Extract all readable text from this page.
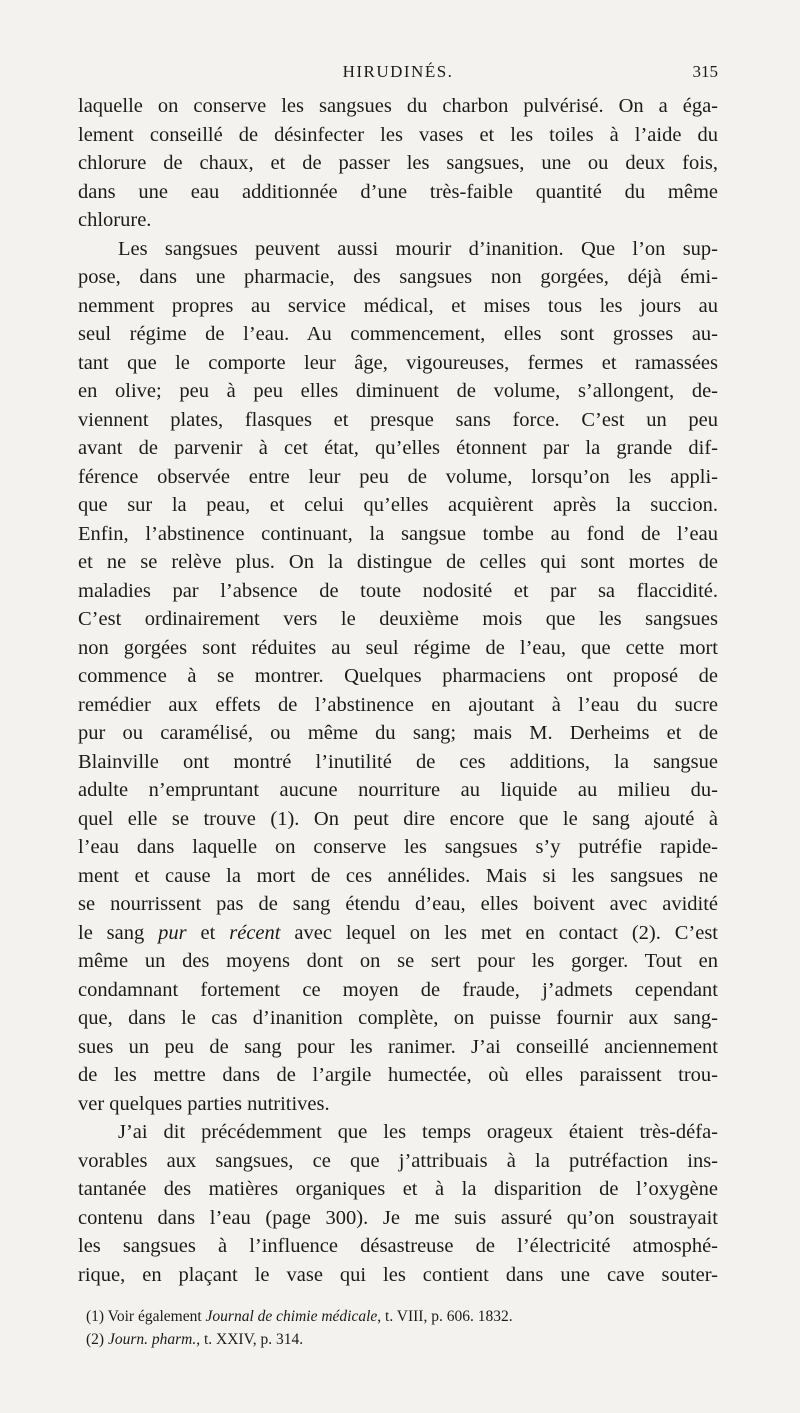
HIRUDINÉS.	315
laquelle on conserve les sangsues du charbon pulvérisé. On a éga-
lement conseillé de désinfecter les vases et les toiles à l’aide du
chlorure de chaux, et de passer les sangsues, une ou deux fois,
dans une eau additionnée d’une très-faible quantité du même
chlorure.
Les sangsues peuvent aussi mourir d’inanition. Que l’on sup-
pose, dans une pharmacie, des sangsues non gorgées, déjà émi-
nemment propres au service médical, et mises tous les jours au
seul régime de l’eau. Au commencement, elles sont grosses au-
tant que le comporte leur âge, vigoureuses, fermes et ramassées
en olive; peu à peu elles diminuent de volume, s’allongent, de-
viennent plates, flasques et presque sans force. C’est un peu
avant de parvenir à cet état, qu’elles étonnent par la grande dif-
férence observée entre leur peu de volume, lorsqu’on les appli-
que sur la peau, et celui qu’elles acquièrent après la succion.
Enfin, l’abstinence continuant, la sangsue tombe au fond de l’eau
et ne se relève plus. On la distingue de celles qui sont mortes de
maladies par l’absence de toute nodosité et par sa flaccidité.
C’est ordinairement vers le deuxième mois que les sangsues
non gorgées sont réduites au seul régime de l’eau, que cette mort
commence à se montrer. Quelques pharmaciens ont proposé de
remédier aux effets de l’abstinence en ajoutant à l’eau du sucre
pur ou caramélisé, ou même du sang; mais M. Derheims et de
Blainville ont montré l’inutilité de ces additions, la sangsue
adulte n’empruntant aucune nourriture au liquide au milieu du-
quel elle se trouve (1). On peut dire encore que le sang ajouté à
l’eau dans laquelle on conserve les sangsues s’y putréfie rapide-
ment et cause la mort de ces annélides. Mais si les sangsues ne
se nourrissent pas de sang étendu d’eau, elles boivent avec avidité
le sang pur et récent avec lequel on les met en contact (2). C’est
même un des moyens dont on se sert pour les gorger. Tout en
condamnant fortement ce moyen de fraude, j’admets cependant
que, dans le cas d’inanition complète, on puisse fournir aux sang-
sues un peu de sang pour les ranimer. J’ai conseillé anciennement
de les mettre dans de l’argile humectée, où elles paraissent trou-
ver quelques parties nutritives.
J’ai dit précédemment que les temps orageux étaient très-défa-
vorables aux sangsues, ce que j’attribuais à la putréfaction ins-
tantanée des matières organiques et à la disparition de l’oxygène
contenu dans l’eau (page 300). Je me suis assuré qu’on soustrayait
les sangsues à l’influence désastreuse de l’électricité atmosphé-
rique, en plaçant le vase qui les contient dans une cave souter-
(1) Voir également Journal de chimie médicale, t. VIII, p. 606. 1832.
(2) Journ. pharm., t. XXIV, p. 314.
